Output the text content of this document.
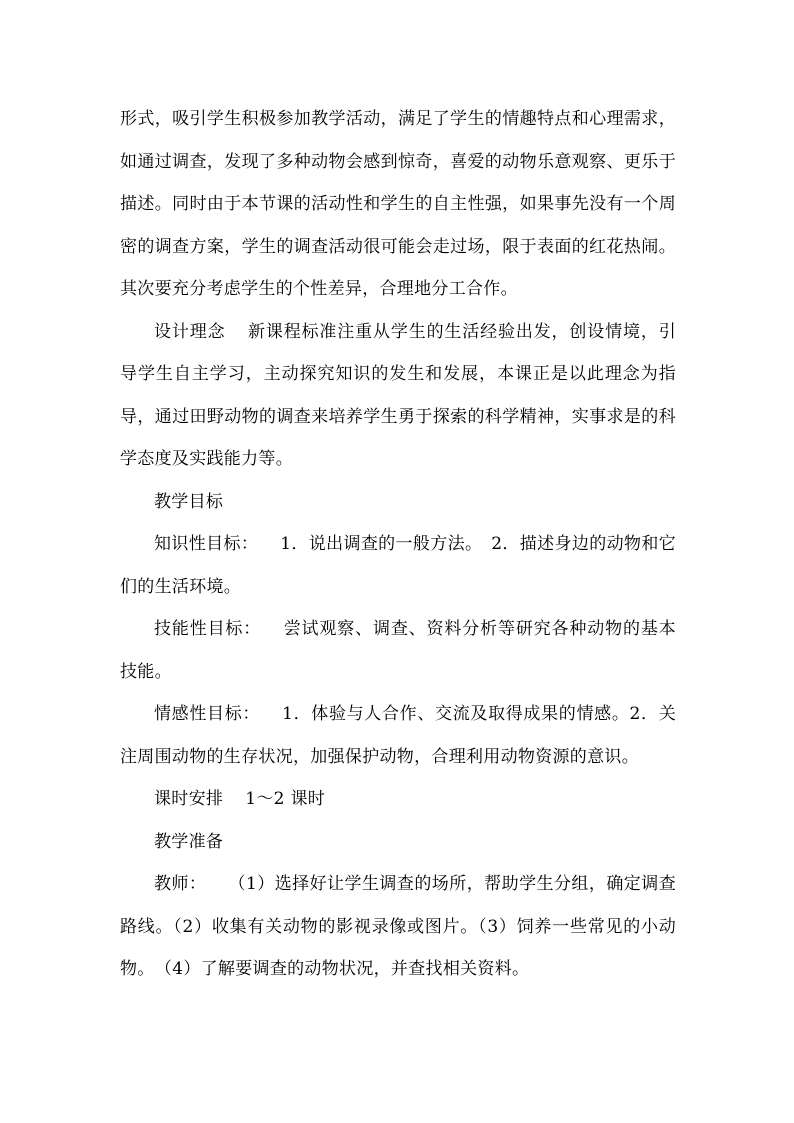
形式，吸引学生积极参加教学活动，满足了学生的情趣特点和心理需求，如通过调查，发现了多种动物会感到惊奇，喜爱的动物乐意观察、更乐于描述。同时由于本节课的活动性和学生的自主性强，如果事先没有一个周密的调查方案，学生的调查活动很可能会走过场，限于表面的红花热闹。其次要充分考虑学生的个性差异，合理地分工合作。

设计理念 新课程标准注重从学生的生活经验出发，创设情境，引导学生自主学习，主动探究知识的发生和发展，本课正是以此理念为指导，通过田野动物的调查来培养学生勇于探索的科学精神，实事求是的科学态度及实践能力等。

教学目标

知识性目标： 1．说出调查的一般方法。　2．描述身边的动物和它们的生活环境。

技能性目标： 尝试观察、调查、资料分析等研究各种动物的基本技能。

情感性目标： 1．体验与人合作、交流及取得成果的情感。2．关注周围动物的生存状况，加强保护动物，合理利用动物资源的意识。

课时安排 1～2 课时

教学准备

教师： （1）选择好让学生调查的场所，帮助学生分组，确定调查路线。（2）收集有关动物的影视录像或图片。（3）饲养一些常见的小动物。　（4）了解要调查的动物状况，并查找相关资料。
